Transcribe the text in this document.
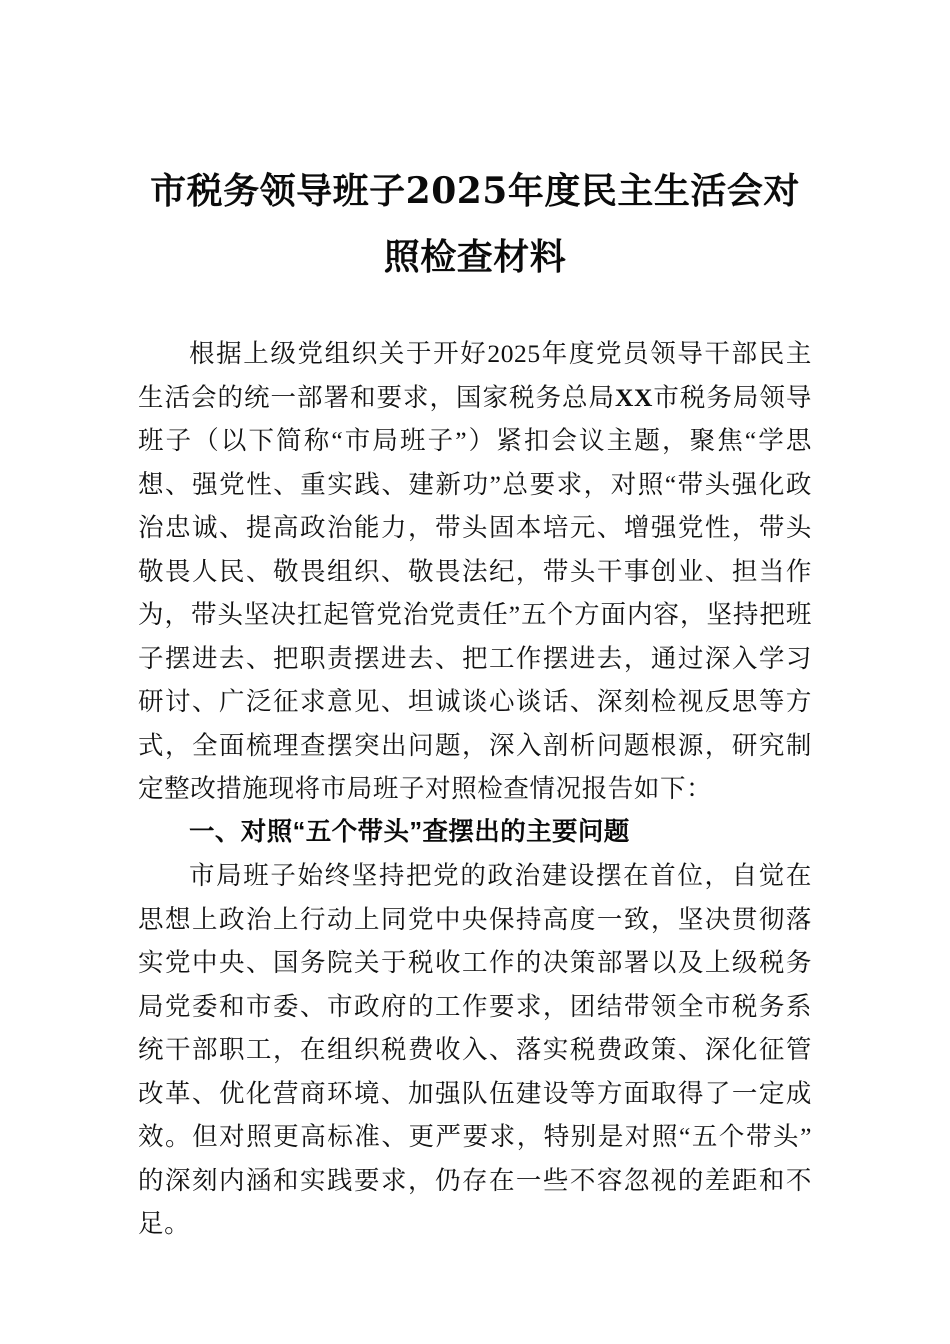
市税务领导班子2025年度民主生活会对照检查材料

根据上级党组织关于开好2025年度党员领导干部民主生活会的统一部署和要求，国家税务总局XX市税务局领导班子（以下简称“市局班子”）紧扣会议主题，聚焦“学思想、强党性、重实践、建新功”总要求，对照“带头强化政治忠诚、提高政治能力，带头固本培元、增强党性，带头敬畏人民、敬畏组织、敬畏法纪，带头干事创业、担当作为，带头坚决扛起管党治党责任”五个方面内容，坚持把班子摆进去、把职责摆进去、把工作摆进去，通过深入学习研讨、广泛征求意见、坦诚谈心谈话、深刻检视反思等方式，全面梳理查摆突出问题，深入剖析问题根源，研究制定整改措施现将市局班子对照检查情况报告如下：

一、对照“五个带头”查摆出的主要问题

市局班子始终坚持把党的政治建设摆在首位，自觉在思想上政治上行动上同党中央保持高度一致，坚决贯彻落实党中央、国务院关于税收工作的决策部署以及上级税务局党委和市委、市政府的工作要求，团结带领全市税务系统干部职工，在组织税费收入、落实税费政策、深化征管改革、优化营商环境、加强队伍建设等方面取得了一定成效。但对照更高标准、更严要求，特别是对照“五个带头”的深刻内涵和实践要求，仍存在一些不容忽视的差距和不足。
